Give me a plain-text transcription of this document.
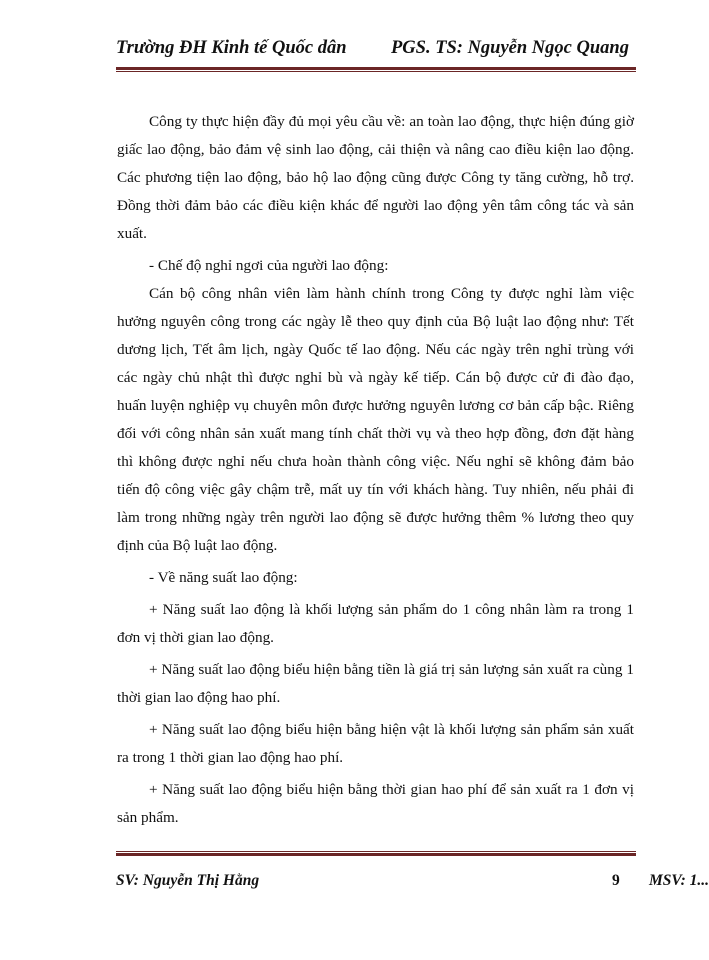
Trường ĐH Kinh tế Quốc dân PGS. TS: Nguyễn Ngọc Quang

Công ty thực hiện đầy đủ mọi yêu cầu về: an toàn lao động, thực hiện đúng giờ giấc lao động, bảo đảm vệ sinh lao động, cải thiện và nâng cao điều kiện lao động. Các phương tiện lao động, bảo hộ lao động cũng được Công ty tăng cường, hỗ trợ. Đồng thời đảm bảo các điều kiện khác để người lao động yên tâm công tác và sản xuất.

- Chế độ nghỉ ngơi của người lao động:

Cán bộ công nhân viên làm hành chính trong Công ty được nghỉ làm việc hưởng nguyên công trong các ngày lễ theo quy định của Bộ luật lao động như: Tết dương lịch, Tết âm lịch, ngày Quốc tế lao động. Nếu các ngày trên nghỉ trùng với các ngày chủ nhật thì được nghỉ bù và ngày kế tiếp. Cán bộ được cử đi đào đạo, huấn luyện nghiệp vụ chuyên môn được hưởng nguyên lương cơ bản cấp bậc. Riêng đối với công nhân sản xuất mang tính chất thời vụ và theo hợp đồng, đơn đặt hàng thì không được nghỉ nếu chưa hoàn thành công việc. Nếu nghỉ sẽ không đảm bảo tiến độ công việc gây chậm trễ, mất uy tín với khách hàng. Tuy nhiên, nếu phải đi làm trong những ngày trên người lao động sẽ được hưởng thêm % lương theo quy định của Bộ luật lao động.

- Về năng suất lao động:

+ Năng suất lao động là khối lượng sản phẩm do 1 công nhân làm ra trong 1 đơn vị thời gian lao động.

+ Năng suất lao động biểu hiện bằng tiền là giá trị sản lượng sản xuất ra cùng 1 thời gian lao động hao phí.

+ Năng suất lao động biểu hiện bằng hiện vật là khối lượng sản phẩm sản xuất ra trong 1 thời gian lao động hao phí.

+ Năng suất lao động biểu hiện bằng thời gian hao phí để sản xuất ra 1 đơn vị sản phẩm.

SV: Nguyễn Thị Hằng	9 MSV: 1...
